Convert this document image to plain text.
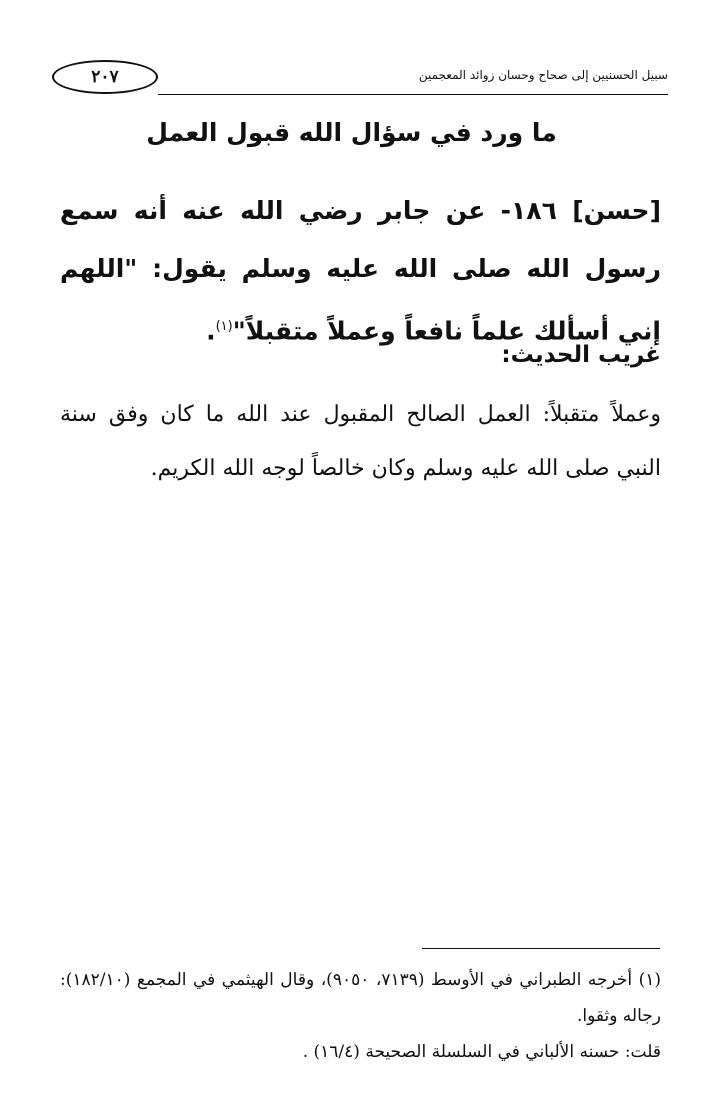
٢٠٧	سبيل الحسنيين إلى صحاح وحسان زوائد المعجمين
ما ورد في سؤال الله قبول العمل
[حسن] ١٨٦- عن جابر رضي الله عنه أنه سمع رسول الله صلى الله عليه وسلم يقول: "اللهم إني أسألك علماً نافعاً وعملاً متقبلاً"$^{(١)}$.
غريب الحديث:
وعملاً متقبلاً: العمل الصالح المقبول عند الله ما كان وفق سنة النبي صلى الله عليه وسلم وكان خالصاً لوجه الله الكريم.

(١) أخرجه الطبراني في الأوسط (٧١٣٩، ٩٠٥٠)، وقال الهيثمي في المجمع (١٨٢/١٠): رجاله وثقوا.

قلت: حسنه الألباني في السلسلة الصحيحة (١٦/٤) .
